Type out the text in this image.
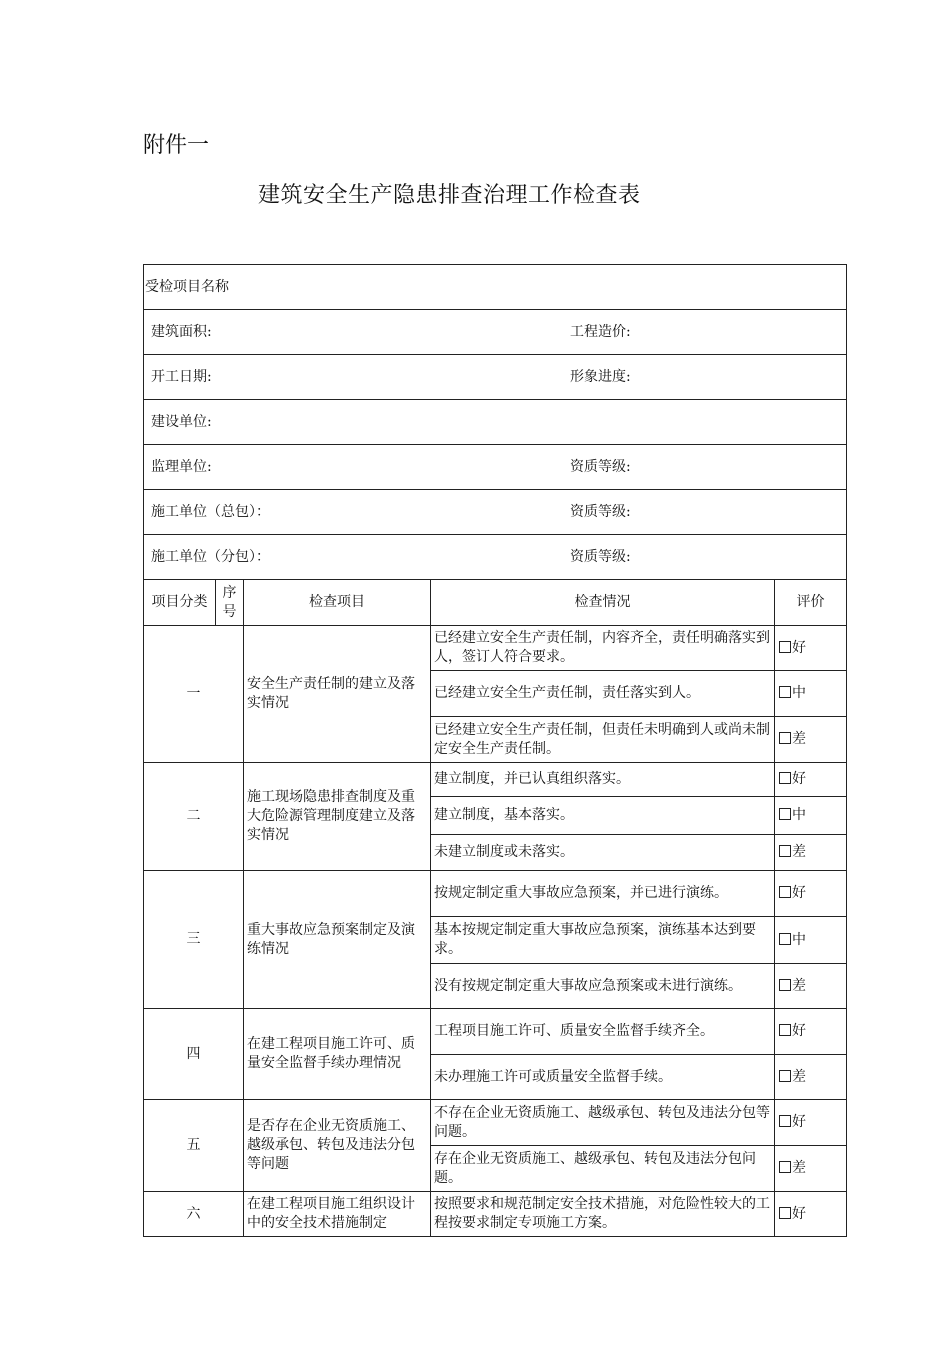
附件一
建筑安全生产隐患排查治理工作检查表
受检项目名称				
建筑面积: 工程造价:				

开工日期: 形象进度:				

建设单位:				
监理单位: 资质等级:				

施工单位（总包）： 资质等级:				

施工单位（分包）： 资质等级:				

项目分类	序号	检查项目	检查情况	评价
一		安全生产责任制的建立及落实情况	已经建立安全生产责任制，内容齐全，责任明确落实到人，签订人符合要求。	好
			已经建立安全生产责任制，责任落实到人。	中
			已经建立安全生产责任制，但责任未明确到人或尚未制定安全生产责任制。	差
二		施工现场隐患排查制度及重大危险源管理制度建立及落实情况	建立制度，并已认真组织落实。	好
			建立制度，基本落实。	中
			未建立制度或未落实。	差
三		重大事故应急预案制定及演练情况	按规定制定重大事故应急预案，并已进行演练。	好
			基本按规定制定重大事故应急预案，演练基本达到要求。	中
			没有按规定制定重大事故应急预案或未进行演练。	差
四		在建工程项目施工许可、质量安全监督手续办理情况	工程项目施工许可、质量安全监督手续齐全。	好
			未办理施工许可或质量安全监督手续。	差
五		是否存在企业无资质施工、越级承包、转包及违法分包等问题	不存在企业无资质施工、越级承包、转包及违法分包等问题。	好
			存在企业无资质施工、越级承包、转包及违法分包问题。	差
六		在建工程项目施工组织设计中的安全技术措施制定	按照要求和规范制定安全技术措施，对危险性较大的工程按要求制定专项施工方案。	好
